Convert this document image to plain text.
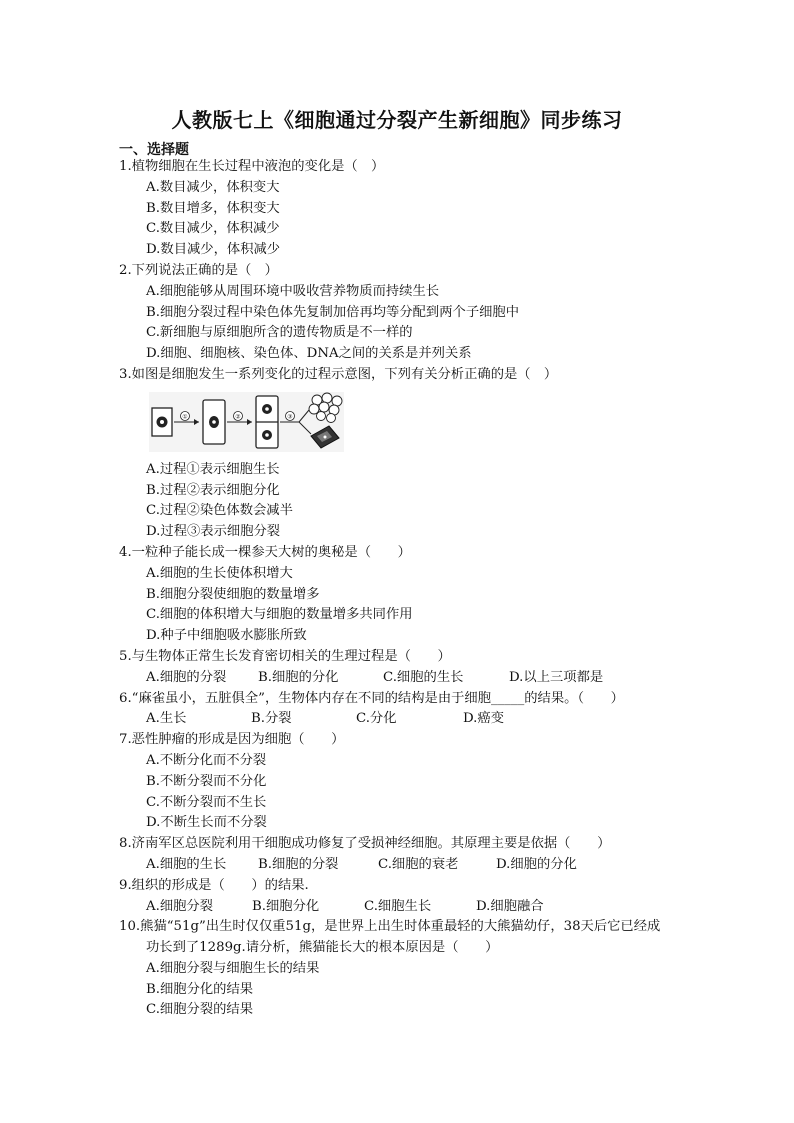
人教版七上《细胞通过分裂产生新细胞》同步练习
一、选择题
1.植物细胞在生长过程中液泡的变化是（　）
A.数目减少，体积变大
B.数目增多，体积变大
C.数目减少，体积减少
D.数目减少，体积减少
2.下列说法正确的是（　）
A.细胞能够从周围环境中吸收营养物质而持续生长
B.细胞分裂过程中染色体先复制加倍再均等分配到两个子细胞中
C.新细胞与原细胞所含的遗传物质是不一样的
D.细胞、细胞核、染色体、DNA之间的关系是并列关系
3.如图是细胞发生一系列变化的过程示意图，下列有关分析正确的是（　）
①	②	③
A.过程①表示细胞生长
B.过程②表示细胞分化
C.过程②染色体数会减半
D.过程③表示细胞分裂
4.一粒种子能长成一棵参天大树的奥秘是（　　）
A.细胞的生长使体积增大
B.细胞分裂使细胞的数量增多
C.细胞的体积增大与细胞的数量增多共同作用
D.种子中细胞吸水膨胀所致
5.与生物体正常生长发育密切相关的生理过程是（　　）
A.细胞的分裂 B.细胞的分化	C.细胞的生长	D.以上三项都是
6.“麻雀虽小，五脏俱全”，生物体内存在不同的结构是由于细胞_____的结果。（　　）
A.生长	B.分裂	C.分化	D.癌变
7.恶性肿瘤的形成是因为细胞（　　）
A.不断分化而不分裂
B.不断分裂而不分化
C.不断分裂而不生长
D.不断生长而不分裂
8.济南军区总医院利用干细胞成功修复了受损神经细胞。其原理主要是依据（　　）
A.细胞的生长 B.细胞的分裂	C.细胞的衰老	D.细胞的分化
9.组织的形成是（　　）的结果.
A.细胞分裂	B.细胞分化	C.细胞生长	D.细胞融合
10.熊猫“51g”出生时仅仅重51g，是世界上出生时体重最轻的大熊猫幼仔，38天后它已经成
功长到了1289g.请分析，熊猫能长大的根本原因是（　　）
A.细胞分裂与细胞生长的结果
B.细胞分化的结果
C.细胞分裂的结果
